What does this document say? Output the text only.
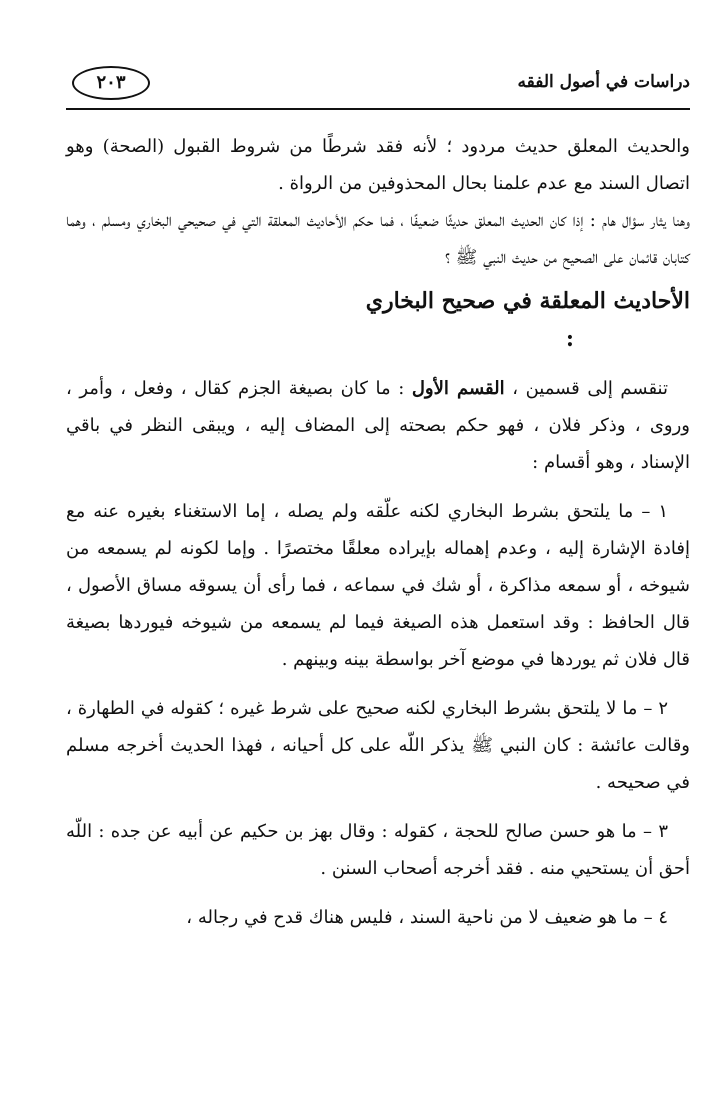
دراسات في أصول الفقه
٢٠٣

والحديث المعلق حديث مردود ؛ لأنه فقد شرطًا من شروط القبول (الصحة) وهو اتصال السند مع عدم علمنا بحال المحذوفين من الرواة .

وهنا يثار سؤال هام : إذا كان الحديث المعلق حديثًا ضعيفًا ، فما حكم الأحاديث المعلقة التي في صحيحي البخاري ومسلم ، وهما كتابان قائمان على الصحيح من حديث النبي ﷺ ؟

الأحاديث المعلقة في صحيح البخاري
:

تنقسم إلى قسمين ، القسم الأول : ما كان بصيغة الجزم كقال ، وفعل ، وأمر ، وروى ، وذكر فلان ، فهو حكم بصحته إلى المضاف إليه ، ويبقى النظر في باقي الإسناد ، وهو أقسام :

١ – ما يلتحق بشرط البخاري لكنه علّقه ولم يصله ، إما الاستغناء بغيره عنه مع إفادة الإشارة إليه ، وعدم إهماله بإيراده معلقًا مختصرًا . وإما لكونه لم يسمعه من شيوخه ، أو سمعه مذاكرة ، أو شك في سماعه ، فما رأى أن يسوقه مساق الأصول ، قال الحافظ : وقد استعمل هذه الصيغة فيما لم يسمعه من شيوخه فيوردها بصيغة قال فلان ثم يوردها في موضع آخر بواسطة بينه وبينهم .

٢ – ما لا يلتحق بشرط البخاري لكنه صحيح على شرط غيره ؛ كقوله في الطهارة ، وقالت عائشة : كان النبي ﷺ يذكر اللّه على كل أحيانه ، فهذا الحديث أخرجه مسلم في صحيحه .

٣ – ما هو حسن صالح للحجة ، كقوله : وقال بهز بن حكيم عن أبيه عن جده : اللّه أحق أن يستحيي منه . فقد أخرجه أصحاب السنن .

٤ – ما هو ضعيف لا من ناحية السند ، فليس هناك قدح في رجاله ،
